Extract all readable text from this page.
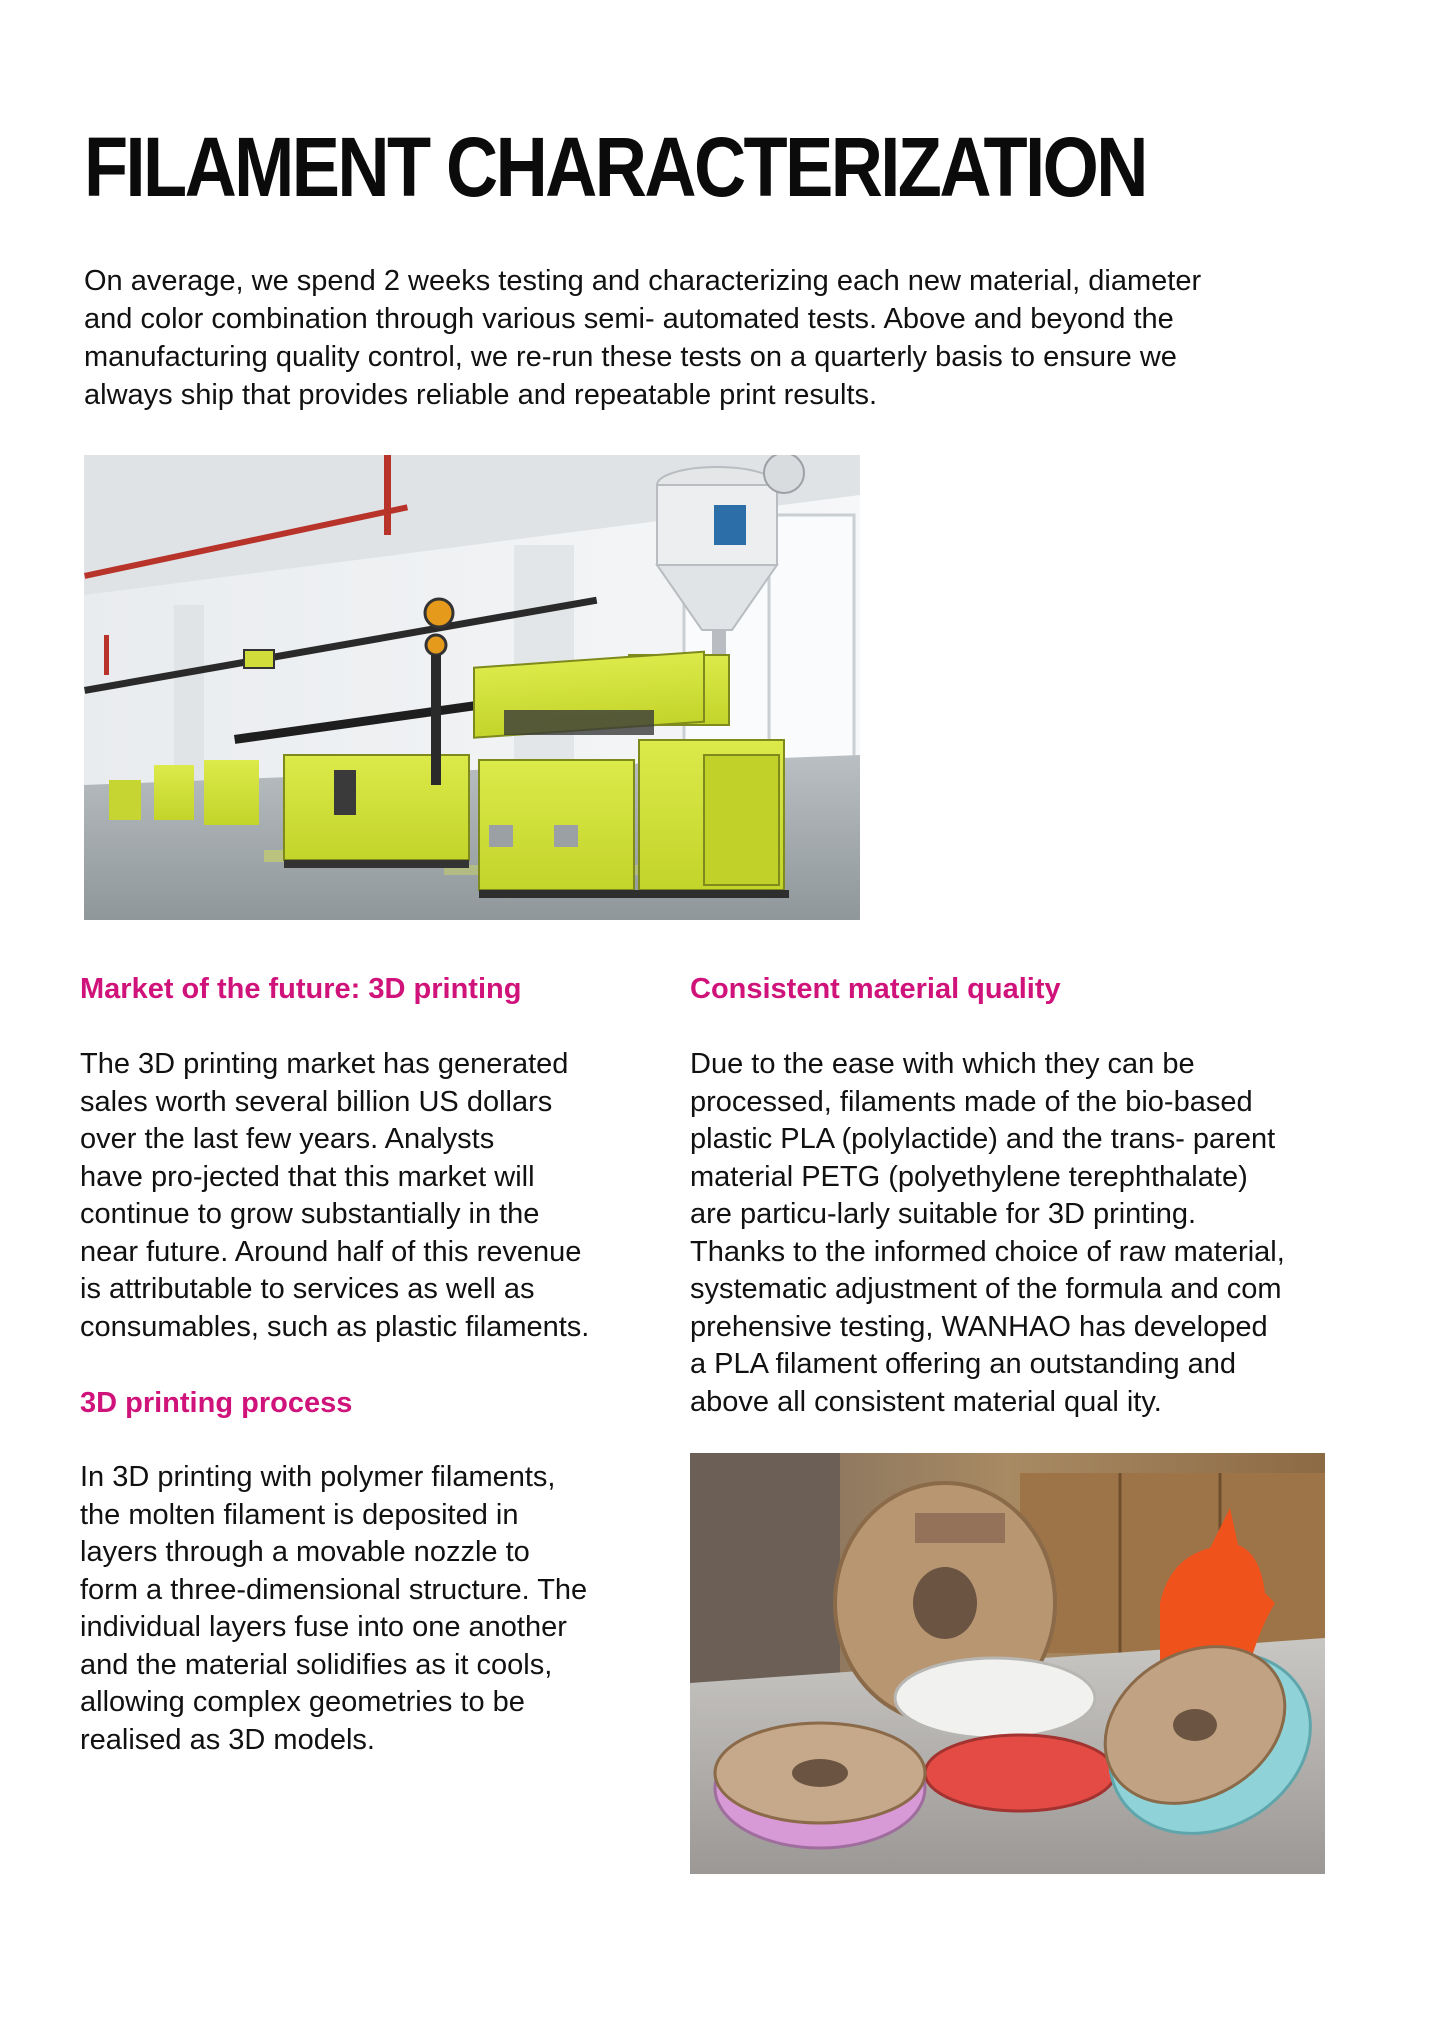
FILAMENT CHARACTERIZATION

On average, we spend 2 weeks testing and characterizing each new material, diameter
and color combination through various semi- automated tests. Above and beyond the
manufacturing quality control, we re-run these tests on a quarterly basis to ensure we
always ship that provides reliable and repeatable print results.

Market of the future: 3D printing

The 3D printing market has generated
sales worth several billion US dollars
over the last few years. Analysts
have pro-jected that this market will
continue to grow substantially in the
near future. Around half of this revenue
is attributable to services as well as
consumables, such as plastic filaments.

3D printing process

In 3D printing with polymer filaments,
the molten filament is deposited in
layers through a movable nozzle to
form a three-dimensional structure. The
individual layers fuse into one another
and the material solidifies as it cools,
allowing complex geometries to be
realised as 3D models.

Consistent material quality

Due to the ease with which they can be
processed, filaments made of the bio-based
plastic PLA (polylactide) and the trans- parent
material PETG (polyethylene terephthalate)
are particu-larly suitable for 3D printing.
Thanks to the informed choice of raw material,
systematic adjustment of the formula and com
prehensive testing, WANHAO has developed
a PLA filament offering an outstanding and
above all consistent material qual ity.
